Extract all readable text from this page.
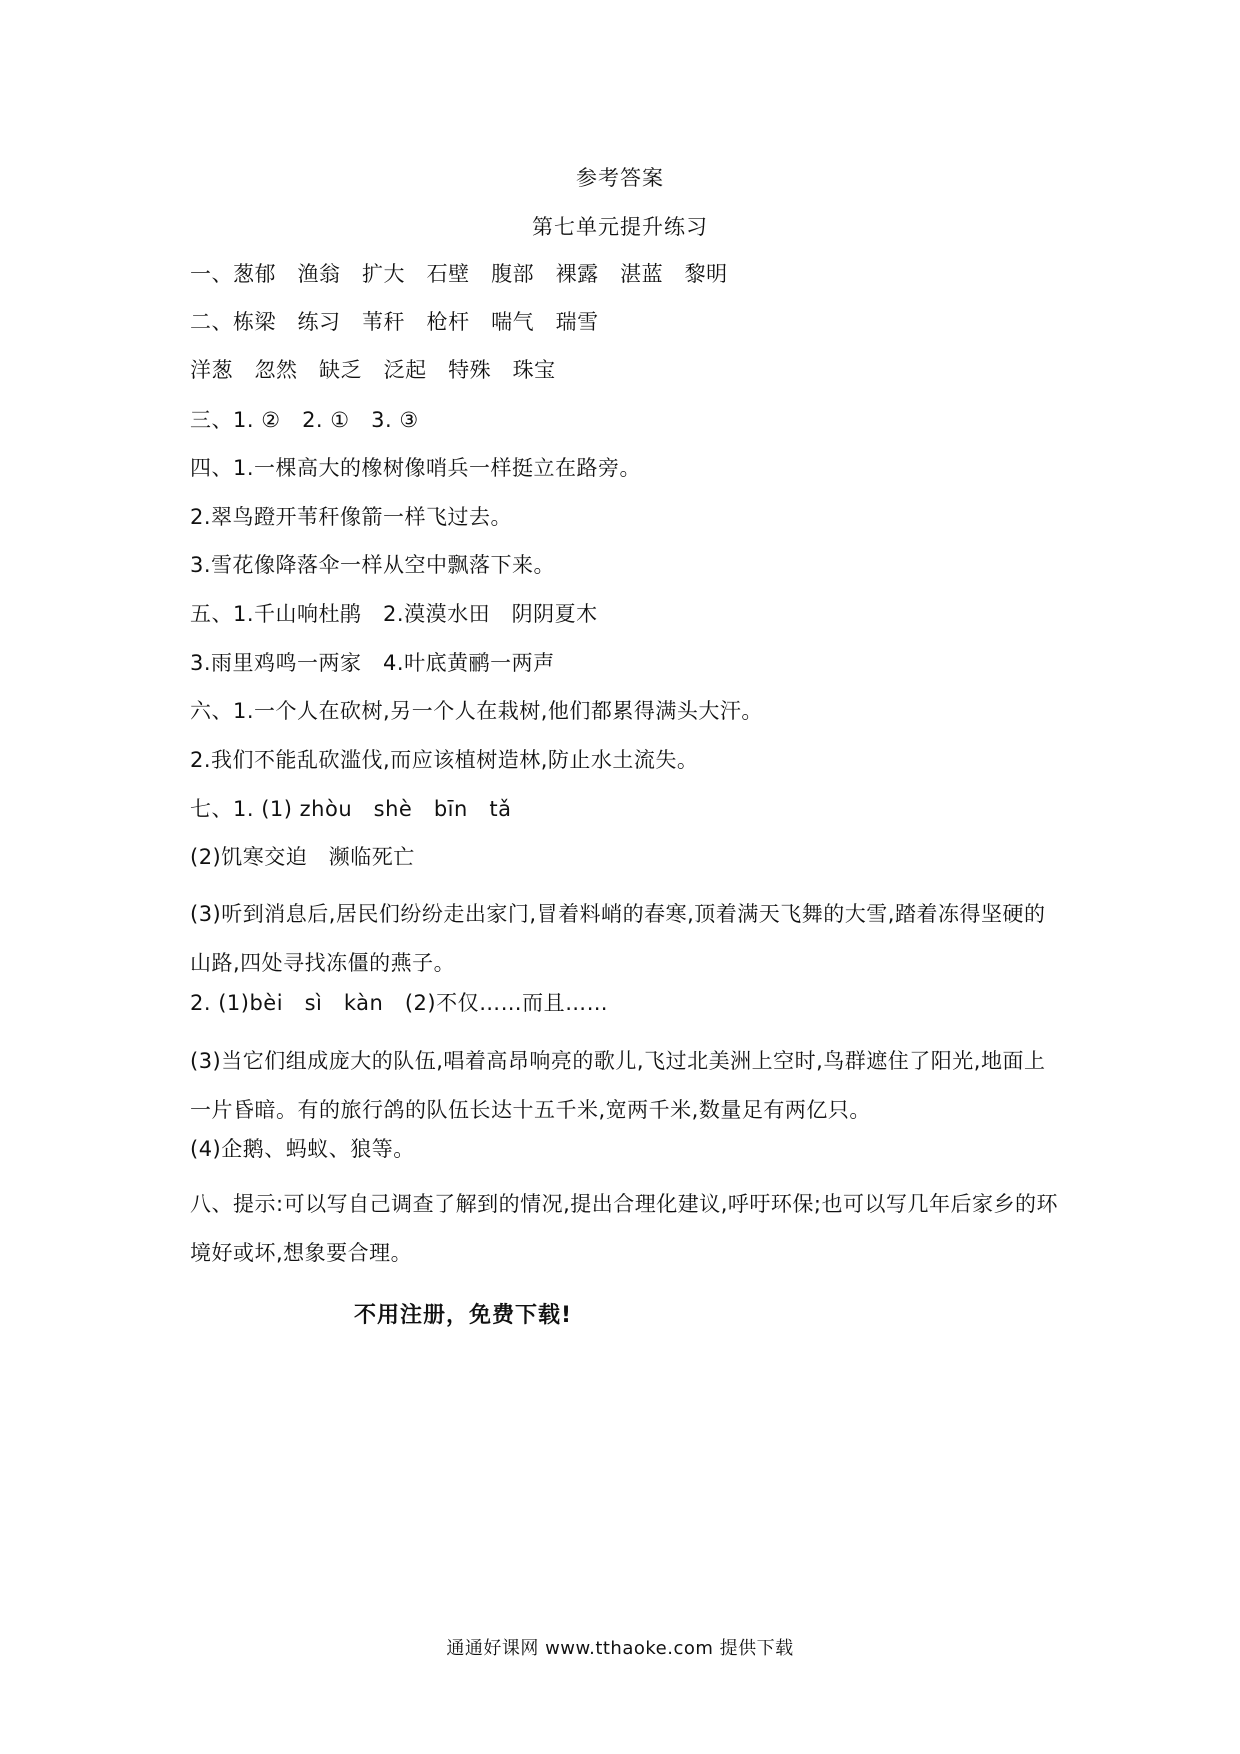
参考答案
第七单元提升练习
一、葱郁   渔翁   扩大   石壁   腹部   裸露   湛蓝   黎明
二、栋梁   练习   苇秆   枪杆   喘气   瑞雪
洋葱   忽然   缺乏   泛起   特殊   珠宝
三、1. ②   2. ①   3. ③
四、1.一棵高大的橡树像哨兵一样挺立在路旁。
2.翠鸟蹬开苇秆像箭一样飞过去。
3.雪花像降落伞一样从空中飘落下来。
五、1.千山响杜鹃   2.漠漠水田   阴阴夏木
3.雨里鸡鸣一两家   4.叶底黄鹂一两声
六、1.一个人在砍树,另一个人在栽树,他们都累得满头大汗。
2.我们不能乱砍滥伐,而应该植树造林,防止水土流失。
七、1. (1) zhòu   shè   bīn   tǎ
(2)饥寒交迫   濒临死亡
(3)听到消息后,居民们纷纷走出家门,冒着料峭的春寒,顶着满天飞舞的大雪,踏着冻得坚硬的山路,四处寻找冻僵的燕子。
2. (1)bèi   sì   kàn   (2)不仅……而且……
(3)当它们组成庞大的队伍,唱着高昂响亮的歌儿,飞过北美洲上空时,鸟群遮住了阳光,地面上一片昏暗。有的旅行鸽的队伍长达十五千米,宽两千米,数量足有两亿只。
(4)企鹅、蚂蚁、狼等。
八、提示:可以写自己调查了解到的情况,提出合理化建议,呼吁环保;也可以写几年后家乡的环境好或坏,想象要合理。
不用注册，免费下载!
通通好课网 www.tthaoke.com 提供下载
